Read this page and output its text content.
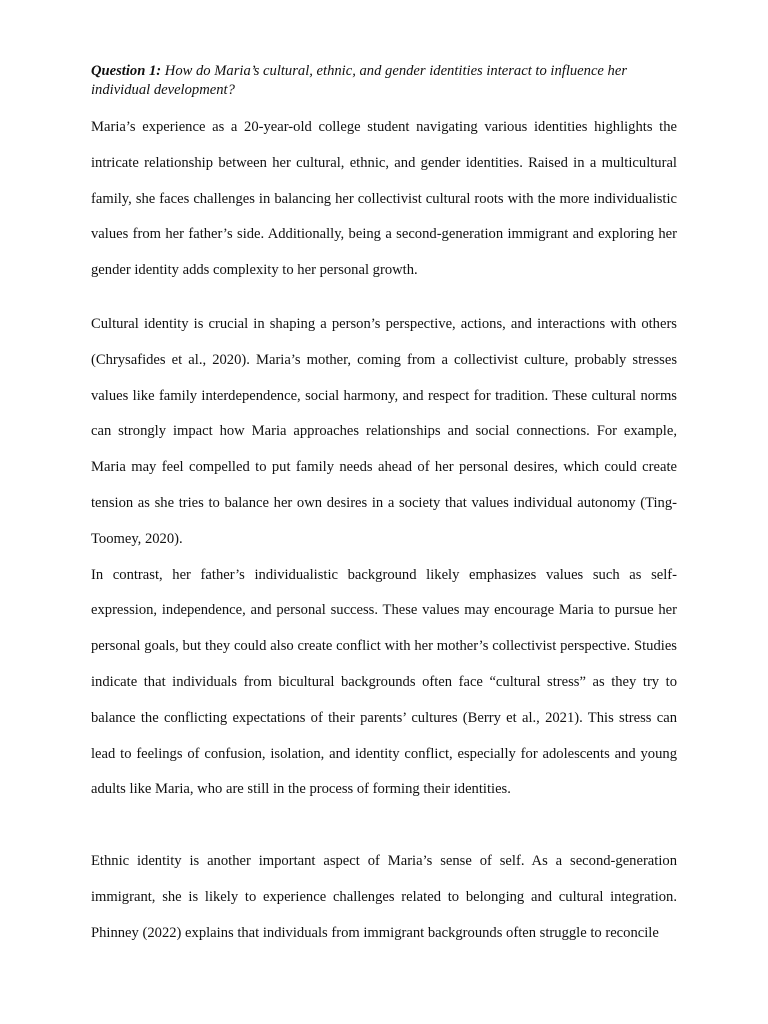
Question 1: How do Maria’s cultural, ethnic, and gender identities interact to influence her individual development?

Maria’s experience as a 20-year-old college student navigating various identities highlights the intricate relationship between her cultural, ethnic, and gender identities. Raised in a multicultural family, she faces challenges in balancing her collectivist cultural roots with the more individualistic values from her father’s side. Additionally, being a second-generation immigrant and exploring her gender identity adds complexity to her personal growth.

Cultural identity is crucial in shaping a person’s perspective, actions, and interactions with others (Chrysafides et al., 2020). Maria’s mother, coming from a collectivist culture, probably stresses values like family interdependence, social harmony, and respect for tradition. These cultural norms can strongly impact how Maria approaches relationships and social connections. For example, Maria may feel compelled to put family needs ahead of her personal desires, which could create tension as she tries to balance her own desires in a society that values individual autonomy (Ting-Toomey, 2020).

In contrast, her father’s individualistic background likely emphasizes values such as self-expression, independence, and personal success. These values may encourage Maria to pursue her personal goals, but they could also create conflict with her mother’s collectivist perspective. Studies indicate that individuals from bicultural backgrounds often face “cultural stress” as they try to balance the conflicting expectations of their parents’ cultures (Berry et al., 2021). This stress can lead to feelings of confusion, isolation, and identity conflict, especially for adolescents and young adults like Maria, who are still in the process of forming their identities.

Ethnic identity is another important aspect of Maria’s sense of self. As a second-generation immigrant, she is likely to experience challenges related to belonging and cultural integration. Phinney (2022) explains that individuals from immigrant backgrounds often struggle to reconcile
